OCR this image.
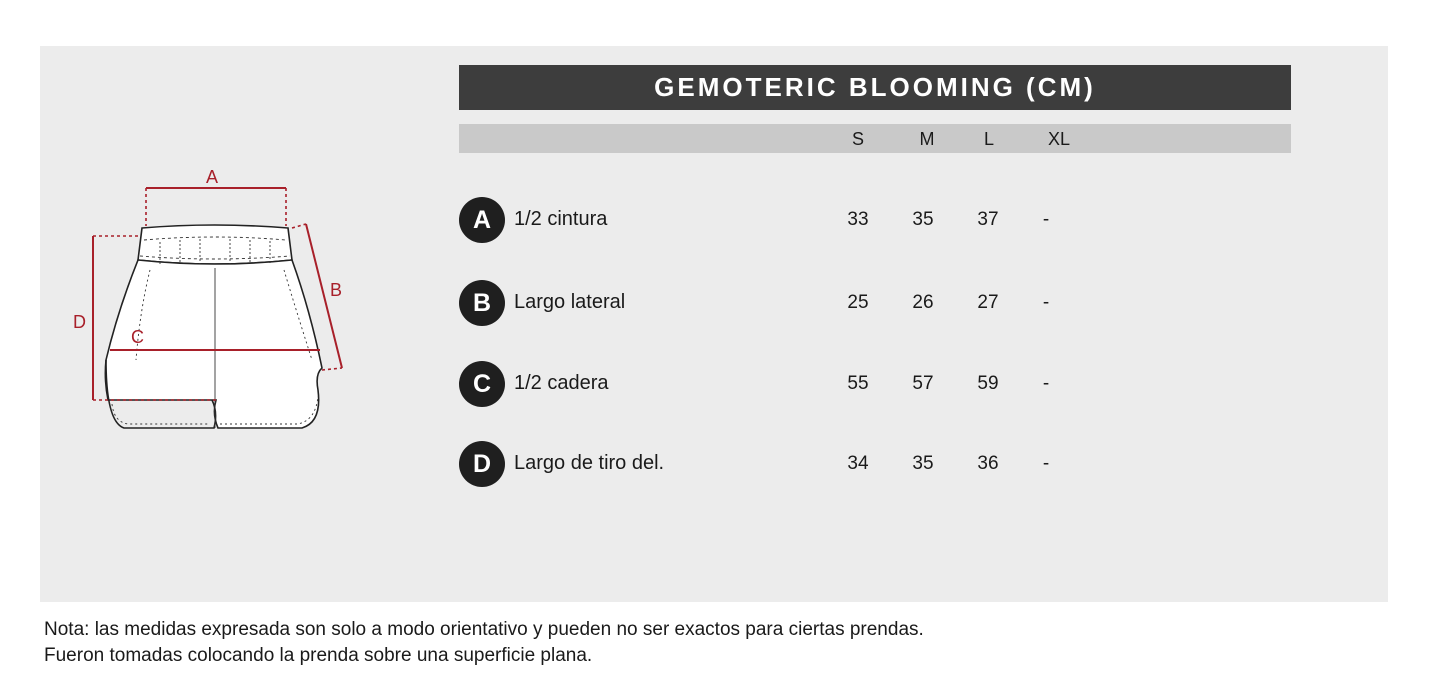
A
B
C
D
GEMOTERIC BLOOMING (CM)
S	M	L	XL
A	1/2 cintura	33	35	37	-
B	Largo lateral	25	26	27	-
C	1/2 cadera	55	57	59	-
D	Largo de tiro del.	34	35	36	-
Nota: las medidas expresada son solo a modo orientativo y pueden no ser exactos para ciertas prendas.
Fueron tomadas colocando la prenda sobre una superficie plana.
